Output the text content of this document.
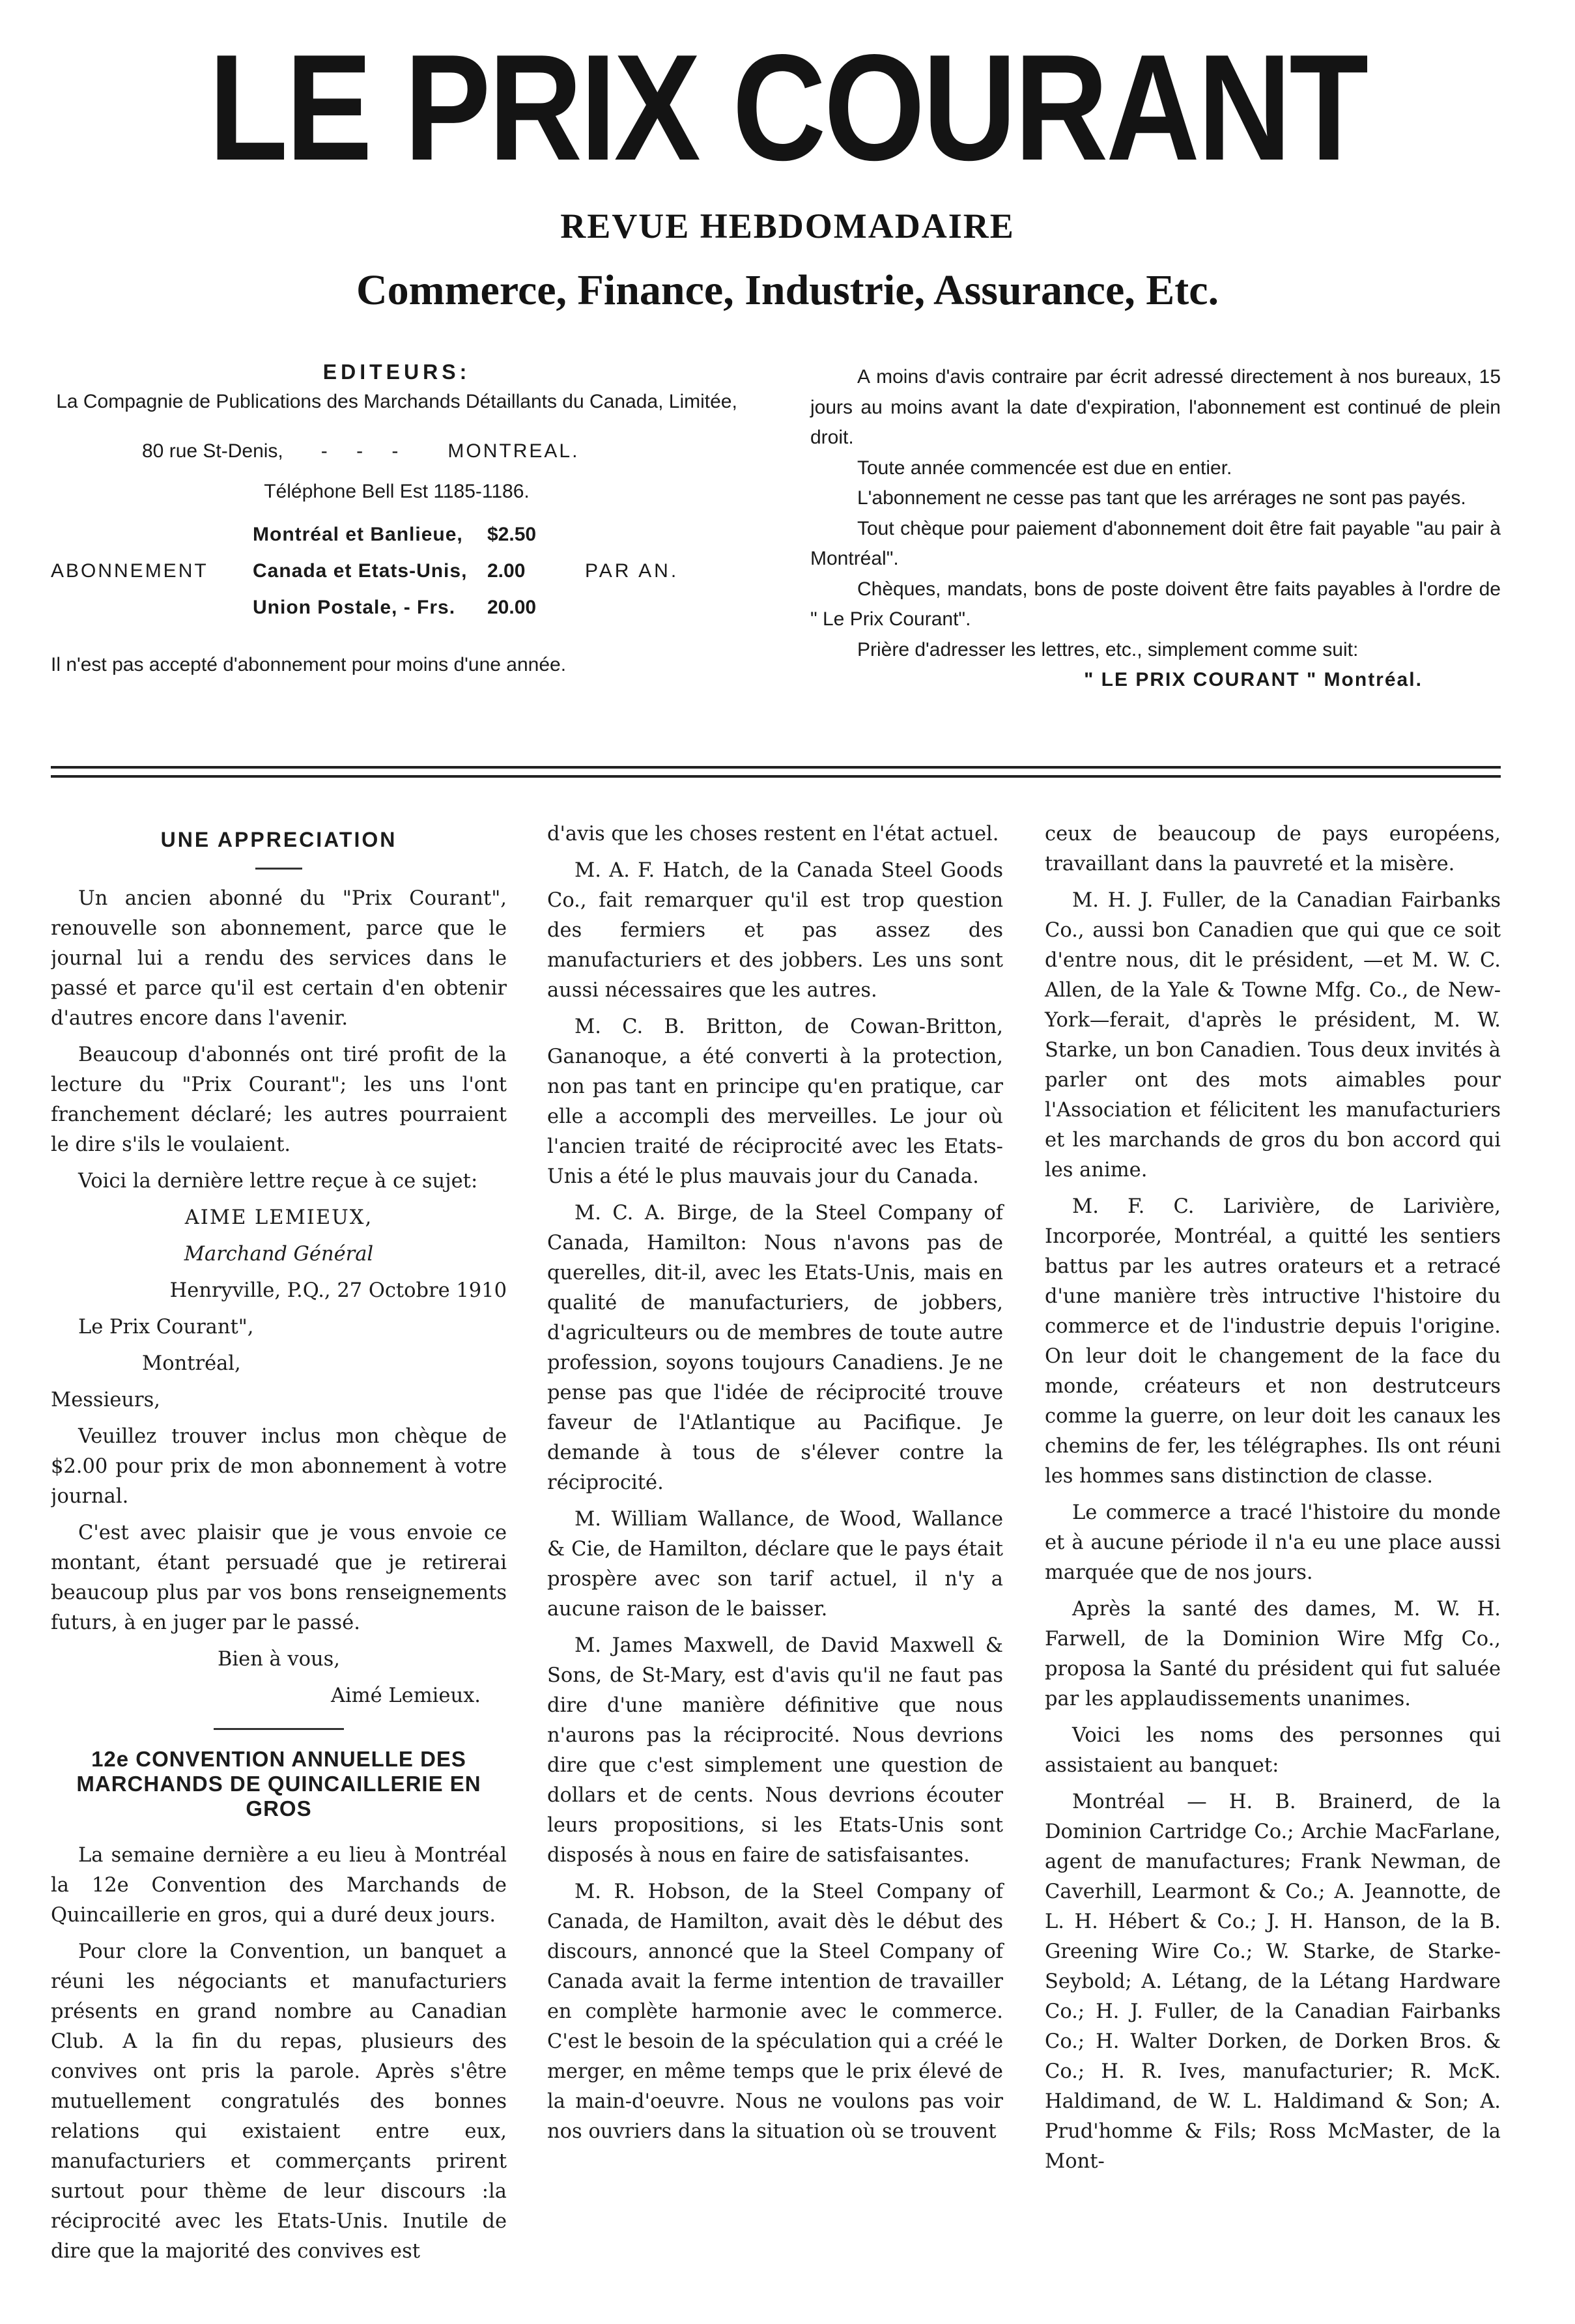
LE PRIX COURANT
REVUE HEBDOMADAIRE
Commerce, Finance, Industrie, Assurance, Etc.
EDITEURS:
La Compagnie de Publications des Marchands Détaillants du Canada, Limitée,
80 rue St-Denis, - - - MONTREAL.
Téléphone Bell Est 1185-1186.
Montréal et Banlieue,	$2.50
ABONNEMENT	Canada et Etats-Unis,	2.00	PAR AN.
Union Postale, - Frs.	20.00
Il n'est pas accepté d'abonnement pour moins d'une année.

A moins d'avis contraire par écrit adressé directement à nos bureaux, 15 jours au moins avant la date d'expiration, l'abonnement est continué de plein droit.

Toute année commencée est due en entier.

L'abonnement ne cesse pas tant que les arrérages ne sont pas payés.

Tout chèque pour paiement d'abonnement doit être fait payable "au pair à Montréal".

Chèques, mandats, bons de poste doivent être faits payables à l'ordre de " Le Prix Courant".

Prière d'adresser les lettres, etc., simplement comme suit:

" LE PRIX COURANT " Montréal.

UNE APPRECIATION

Un ancien abonné du "Prix Courant", renouvelle son abonnement, parce que le journal lui a rendu des services dans le passé et parce qu'il est certain d'en obtenir d'autres encore dans l'avenir.

Beaucoup d'abonnés ont tiré profit de la lecture du "Prix Courant"; les uns l'ont franchement déclaré; les autres pourraient le dire s'ils le voulaient.

Voici la dernière lettre reçue à ce sujet:

AIME LEMIEUX,

Marchand Général

Henryville, P.Q., 27 Octobre 1910

Le Prix Courant",

Montréal,

Messieurs,

Veuillez trouver inclus mon chèque de $2.00 pour prix de mon abonnement à votre journal.

C'est avec plaisir que je vous envoie ce montant, étant persuadé que je retirerai beaucoup plus par vos bons renseignements futurs, à en juger par le passé.

Bien à vous,

Aimé Lemieux.

12e CONVENTION ANNUELLE DES MARCHANDS DE QUINCAILLERIE EN GROS

La semaine dernière a eu lieu à Montréal la 12e Convention des Marchands de Quincaillerie en gros, qui a duré deux jours.

Pour clore la Convention, un banquet a réuni les négociants et manufacturiers présents en grand nombre au Canadian Club. A la fin du repas, plusieurs des convives ont pris la parole. Après s'être mutuellement congratulés des bonnes relations qui existaient entre eux, manufacturiers et commerçants prirent surtout pour thème de leur discours :la réciprocité avec les Etats-Unis. Inutile de dire que la majorité des convives est

d'avis que les choses restent en l'état actuel.

M. A. F. Hatch, de la Canada Steel Goods Co., fait remarquer qu'il est trop question des fermiers et pas assez des manufacturiers et des jobbers. Les uns sont aussi nécessaires que les autres.

M. C. B. Britton, de Cowan-Britton, Gananoque, a été converti à la protection, non pas tant en principe qu'en pratique, car elle a accompli des merveilles. Le jour où l'ancien traité de réciprocité avec les Etats-Unis a été le plus mauvais jour du Canada.

M. C. A. Birge, de la Steel Company of Canada, Hamilton: Nous n'avons pas de querelles, dit-il, avec les Etats-Unis, mais en qualité de manufacturiers, de jobbers, d'agriculteurs ou de membres de toute autre profession, soyons toujours Canadiens. Je ne pense pas que l'idée de réciprocité trouve faveur de l'Atlantique au Pacifique. Je demande à tous de s'élever contre la réciprocité.

M. William Wallance, de Wood, Wallance & Cie, de Hamilton, déclare que le pays était prospère avec son tarif actuel, il n'y a aucune raison de le baisser.

M. James Maxwell, de David Maxwell & Sons, de St-Mary, est d'avis qu'il ne faut pas dire d'une manière définitive que nous n'aurons pas la réciprocité. Nous devrions dire que c'est simplement une question de dollars et de cents. Nous devrions écouter leurs propositions, si les Etats-Unis sont disposés à nous en faire de satisfaisantes.

M. R. Hobson, de la Steel Company of Canada, de Hamilton, avait dès le début des discours, annoncé que la Steel Company of Canada avait la ferme intention de travailler en complète harmonie avec le commerce. C'est le besoin de la spéculation qui a créé le merger, en même temps que le prix élevé de la main-d'oeuvre. Nous ne voulons pas voir nos ouvriers dans la situation où se trouvent

ceux de beaucoup de pays européens, travaillant dans la pauvreté et la misère.

M. H. J. Fuller, de la Canadian Fairbanks Co., aussi bon Canadien que qui que ce soit d'entre nous, dit le président, —et M. W. C. Allen, de la Yale & Towne Mfg. Co., de New-York—ferait, d'après le président, M. W. Starke, un bon Canadien. Tous deux invités à parler ont des mots aimables pour l'Association et félicitent les manufacturiers et les marchands de gros du bon accord qui les anime.

M. F. C. Larivière, de Larivière, Incorporée, Montréal, a quitté les sentiers battus par les autres orateurs et a retracé d'une manière très intructive l'histoire du commerce et de l'industrie depuis l'origine. On leur doit le changement de la face du monde, créateurs et non destrutceurs comme la guerre, on leur doit les canaux les chemins de fer, les télégraphes. Ils ont réuni les hommes sans distinction de classe.

Le commerce a tracé l'histoire du monde et à aucune période il n'a eu une place aussi marquée que de nos jours.

Après la santé des dames, M. W. H. Farwell, de la Dominion Wire Mfg Co., proposa la Santé du président qui fut saluée par les applaudissements unanimes.

Voici les noms des personnes qui assistaient au banquet:

Montréal — H. B. Brainerd, de la Dominion Cartridge Co.; Archie MacFarlane, agent de manufactures; Frank Newman, de Caverhill, Learmont & Co.; A. Jeannotte, de L. H. Hébert & Co.; J. H. Hanson, de la B. Greening Wire Co.; W. Starke, de Starke-Seybold; A. Létang, de la Létang Hardware Co.; H. J. Fuller, de la Canadian Fairbanks Co.; H. Walter Dorken, de Dorken Bros. & Co.; H. R. Ives, manufacturier; R. McK. Haldimand, de W. L. Haldimand & Son; A. Prud'homme & Fils; Ross McMaster, de la Mont-
